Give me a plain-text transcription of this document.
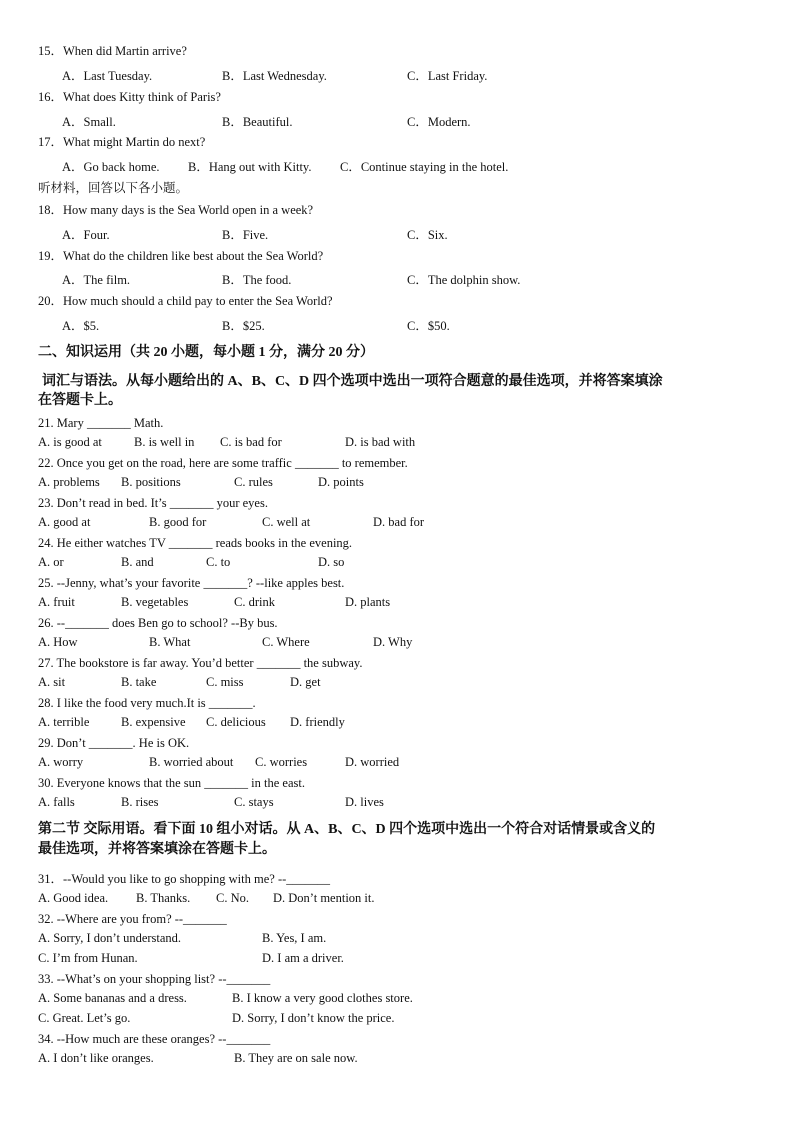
15．When did Martin arrive?
A．Last Tuesday.	B．Last Wednesday.	C．Last Friday.
16．What does Kitty think of Paris?
A．Small.	B．Beautiful.	C．Modern.
17．What might Martin do next?
A．Go back home. B．Hang out with Kitty. C．Continue staying in the hotel.
听材料，回答以下各小题。
18．How many days is the Sea World open in a week?
A．Four.	B．Five.	C．Six.
19．What do the children like best about the Sea World?
A．The film.	B．The food.	C．The dolphin show.
20．How much should a child pay to enter the Sea World?
A．$5.	B．$25.	C．$50.
二、知识运用（共 20 小题，每小题 1 分，满分 20 分）
词汇与语法。从每小题给出的 A、B、C、D 四个选项中选出一项符合题意的最佳选项，并将答案填涂
在答题卡上。
21. Mary _______ Math.
A. is good at	B. is well in C. is bad for	D. is bad with
22. Once you get on the road, here are some traffic _______ to remember.
A. problems B. positions	C. rules	D. points
23. Don’t read in bed. It’s _______ your eyes.
A. good at	B. good for	C. well at	D. bad for
24. He either watches TV _______ reads books in the evening.
A. or	B. and	C. to	D. so
25. --Jenny, what’s your favorite _______? --like apples best.
A. fruit	B. vegetables	C. drink	D. plants
26. --_______ does Ben go to school? --By bus.
A. How	B. What	C. Where	D. Why
27. The bookstore is far away. You’d better _______ the subway.
A. sit	B. take	C. miss	D. get
28. I like the food very much.It is _______.
A. terrible	B. expensive C. delicious D. friendly
29. Don’t _______. He is OK.
A. worry	B. worried about C. worries	D. worried
30. Everyone knows that the sun _______ in the east.
A. falls	B. rises	C. stays	D. lives
第二节 交际用语。看下面 10 组小对话。从 A、B、C、D 四个选项中选出一个符合对话情景或含义的
最佳选项，并将答案填涂在答题卡上。
31．--Would you like to go shopping with me? --_______
A. Good idea. B. Thanks. C. No. D. Don’t mention it.
32. --Where are you from? --_______
A. Sorry, I don’t understand.	B. Yes, I am.
C. I’m from Hunan.	D. I am a driver.
33. --What’s on your shopping list? --_______
A. Some bananas and a dress.	B. I know a very good clothes store.
C. Great. Let’s go.	D. Sorry, I don’t know the price.
34. --How much are these oranges? --_______
A. I don’t like oranges.	B. They are on sale now.
